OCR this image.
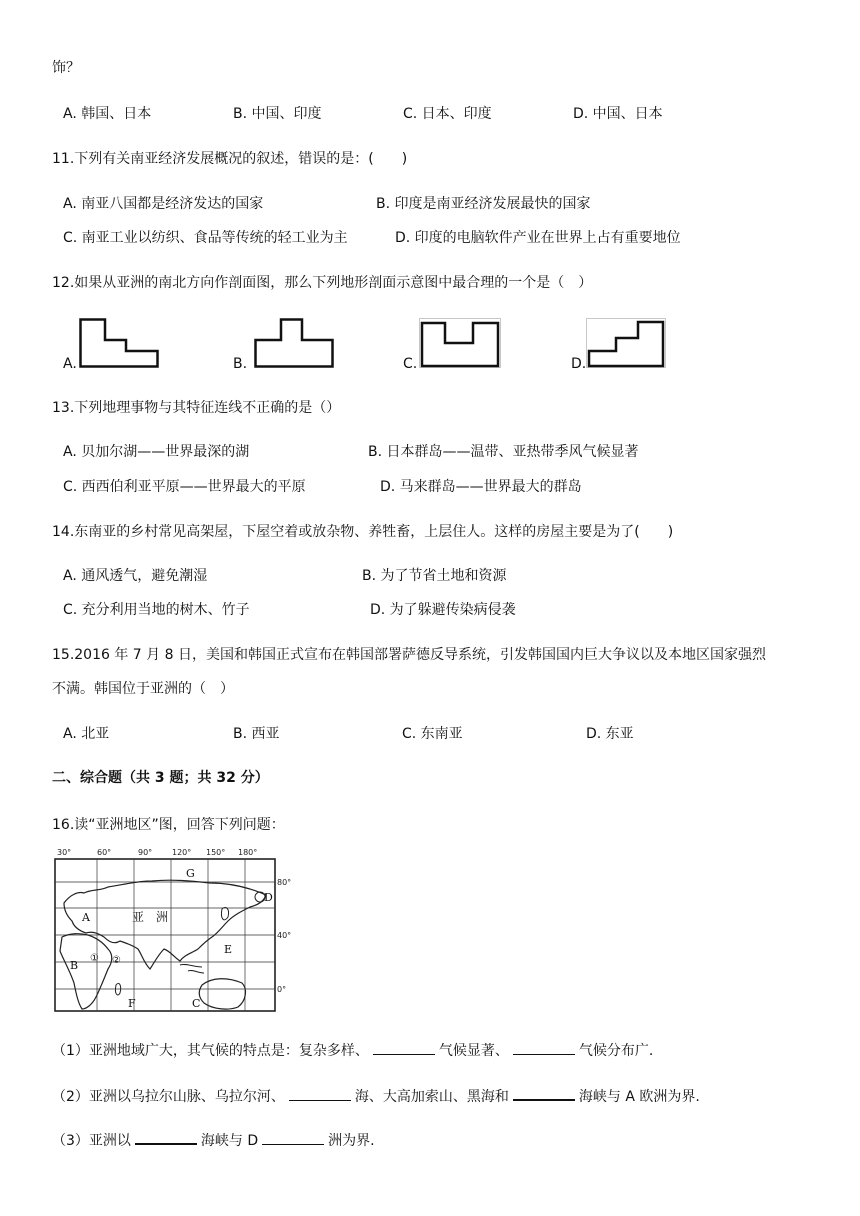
饰？
A. 韩国、日本	B. 中国、印度	C. 日本、印度	D. 中国、日本
11.下列有关南亚经济发展概况的叙述，错误的是：(　　)
A. 南亚八国都是经济发达的国家	B. 印度是南亚经济发展最快的国家
C. 南亚工业以纺织、食品等传统的轻工业为主	D. 印度的电脑软件产业在世界上占有重要地位
12.如果从亚洲的南北方向作剖面图，那么下列地形剖面示意图中最合理的一个是（　）
A.	B.	C.	D.
13.下列地理事物与其特征连线不正确的是（）
A. 贝加尔湖——世界最深的湖	B. 日本群岛——温带、亚热带季风气候显著
C. 西西伯利亚平原——世界最大的平原	D. 马来群岛——世界最大的群岛
14.东南亚的乡村常见高架屋，下屋空着或放杂物、养牲畜，上层住人。这样的房屋主要是为了(　　)
A. 通风透气，避免潮湿	B. 为了节省土地和资源
C. 充分利用当地的树木、竹子	D. 为了躲避传染病侵袭
15.2016 年 7 月 8 日，美国和韩国正式宣布在韩国部署萨德反导系统，引发韩国国内巨大争议以及本地区国家强烈
不满。韩国位于亚洲的（　）
A. 北亚	B. 西亚	C. 东南亚	D. 东亚
二、综合题（共 3 题；共 32 分）
16.读“亚洲地区”图，回答下列问题：
30°	60°	90° 120° 150° 180°
80°
40°
0°
G
A
B
C
D
E
F
亚　洲
① ②
（1）亚洲地域广大，其气候的特点是：复杂多样、	气候显著、	气候分布广.
（2）亚洲以乌拉尔山脉、乌拉尔河、	海、大高加索山、黑海和	海峡与 A 欧洲为界.
（3）亚洲以	海峡与 D	洲为界.
